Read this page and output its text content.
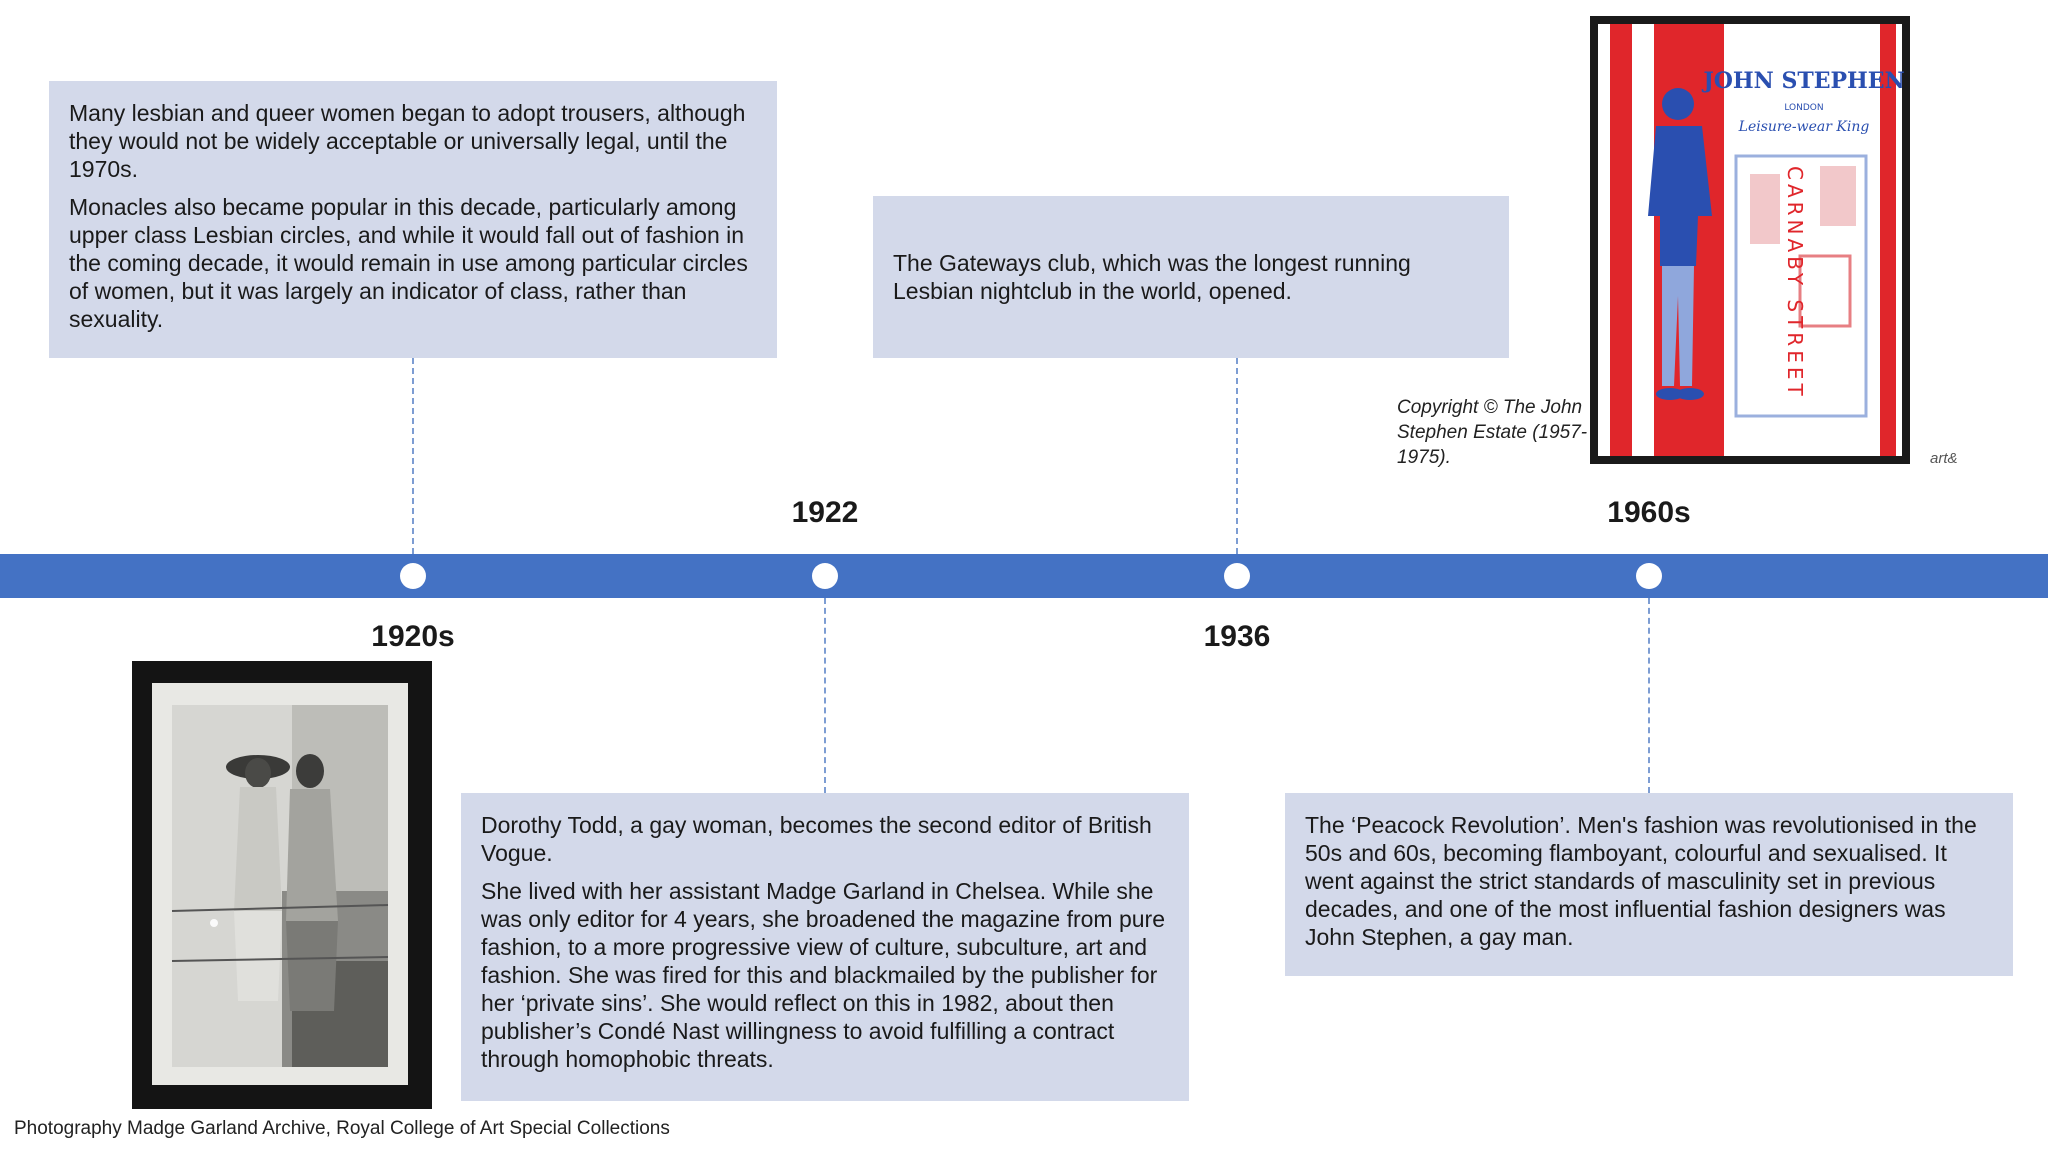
Many lesbian and queer women began to adopt trousers, although they would not be widely acceptable or universally legal, until the 1970s.

Monacles also became popular in this decade, particularly among upper class Lesbian circles, and while it would fall out of fashion in the coming decade, it would remain in use among particular circles of women, but it was largely an indicator of class, rather than sexuality.

The Gateways club, which was the longest running Lesbian nightclub in the world, opened.

Dorothy Todd, a gay woman, becomes the second editor of British Vogue.

She lived with her assistant Madge Garland in Chelsea. While she was only editor for 4 years, she broadened the magazine from pure fashion, to a more progressive view of culture, subculture, art and fashion. She was fired for this and blackmailed by the publisher for her ‘private sins’. She would reflect on this in 1982, about then publisher’s Condé Nast willingness to avoid fulfilling a contract through homophobic threats.

The ‘Peacock Revolution’. Men's fashion was revolutionised in the 50s and 60s, becoming flamboyant, colourful and sexualised. It went against the strict standards of masculinity set in previous decades, and one of the most influential fashion designers was John Stephen, a gay man.

1922	1960s
1920s	1936
Photography Madge Garland Archive, Royal College of Art Special Collections
JOHN STEPHEN
LONDON
Leisure-wear King
CARNABY STREET
art&
Copyright © The John Stephen Estate (1957-1975).
